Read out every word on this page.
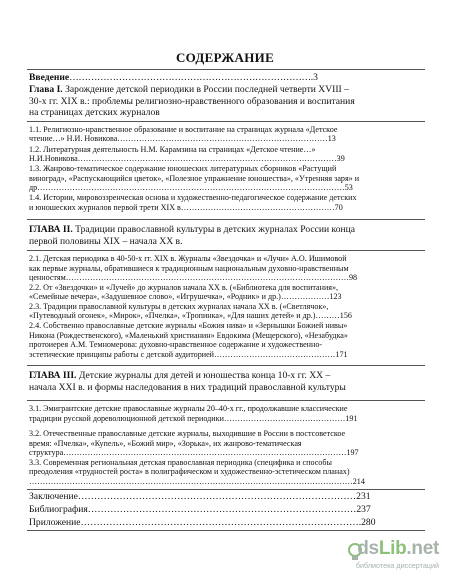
СОДЕРЖАНИЕ
Введение…………………………………………………………………….3
Глава I. Зарождение детской периодики в России последней четверти XVIII –
30-х гг. XIX в.: проблемы религиозно-нравственного образования и воспитания
на страницах детских журналов
1.1. Религиозно-нравственное образование и воспитание на страницах журнала «Детское
чтение…» Н.И. Новикова……………………………………………………………………13
1.2. Литературная деятельность Н.М. Карамзина на страницах «Детское чтение…»
Н.И.Новикова……………………………………………………………………………………39
1.3. Жанрово-тематическое содержание юношеских литературных сборников «Растущий
виноград», «Распускающийся цветок», «Полезное упражнение юношества», «Утренняя заря» и
др……………………………………………………………………………………………………53
1.4. Истории, мировоззренческая основа и художественно-педагогическое содержание детских
и юношеских журналов первой трети XIX в…………………………………………………70
ГЛАВА II. Традиции православной культуры в детских журналах России конца
первой половины XIX – начала XX в.
2.1. Детская периодика в 40-50-х гг. XIX в. Журналы «Звездочка» и «Лучи» А.О. Ишимовой
как первые журналы, обратившиеся к традиционным национальным духовно-нравственным
ценностям……………………………………………………………………………………………98
2.2. От «Звездочки» и «Лучей» до журналов начала XX в. («Библиотека для воспитания»,
«Семейные вечера», «Задушевное слово», «Игрушечка», «Родник» и др.)………………123
2.3. Традиции православной культуры в детских журналах начала XX в. («Светлячок»,
«Путеводный огонек», «Мирок», «Пчелка», «Тропинка», «Для наших детей» и др.)………156
2.4. Собственно православные детские журналы «Божия нива» и «Зернышки Божией нивы»
Никона (Рождественского), «Маленький христианин» Евдокима (Мещерского), «Незабудка»
протоиерея А.М. Темномерова: духовно-нравственное содержание и художественно-
эстетические принципы работы с детской аудиторией………………………………………171
ГЛАВА III. Детские журналы для детей и юношества конца 10-х гг. XX –
начала XXI в. и формы наследования в них традиций православной культуры
3.1. Эмигрантские детские православные журналы 20–40-х гг., продолжавшие классические
традиции русской дореволюционной детской периодики………………………………………191
3.2. Отечественные православные детские журналы, выходившие в России в постсоветское
время: «Пчелка», «Купель», «Божий мир», «Зорька», их жанрово-тематическая
структура……………………………………………………………………………………………197
3.3. Современная региональная детская православная периодика (специфика и способы
преодоления «трудностей роста» в полиграфическом и художественно-эстетическом планах)
…………………………………………………………………………………………………………214
Заключение……………………………………………………………………………231
Библиография…………………………………………………………………………237
Приложение…………………………………………………………………………….280
dsLib.net
библиотека диссертаций
